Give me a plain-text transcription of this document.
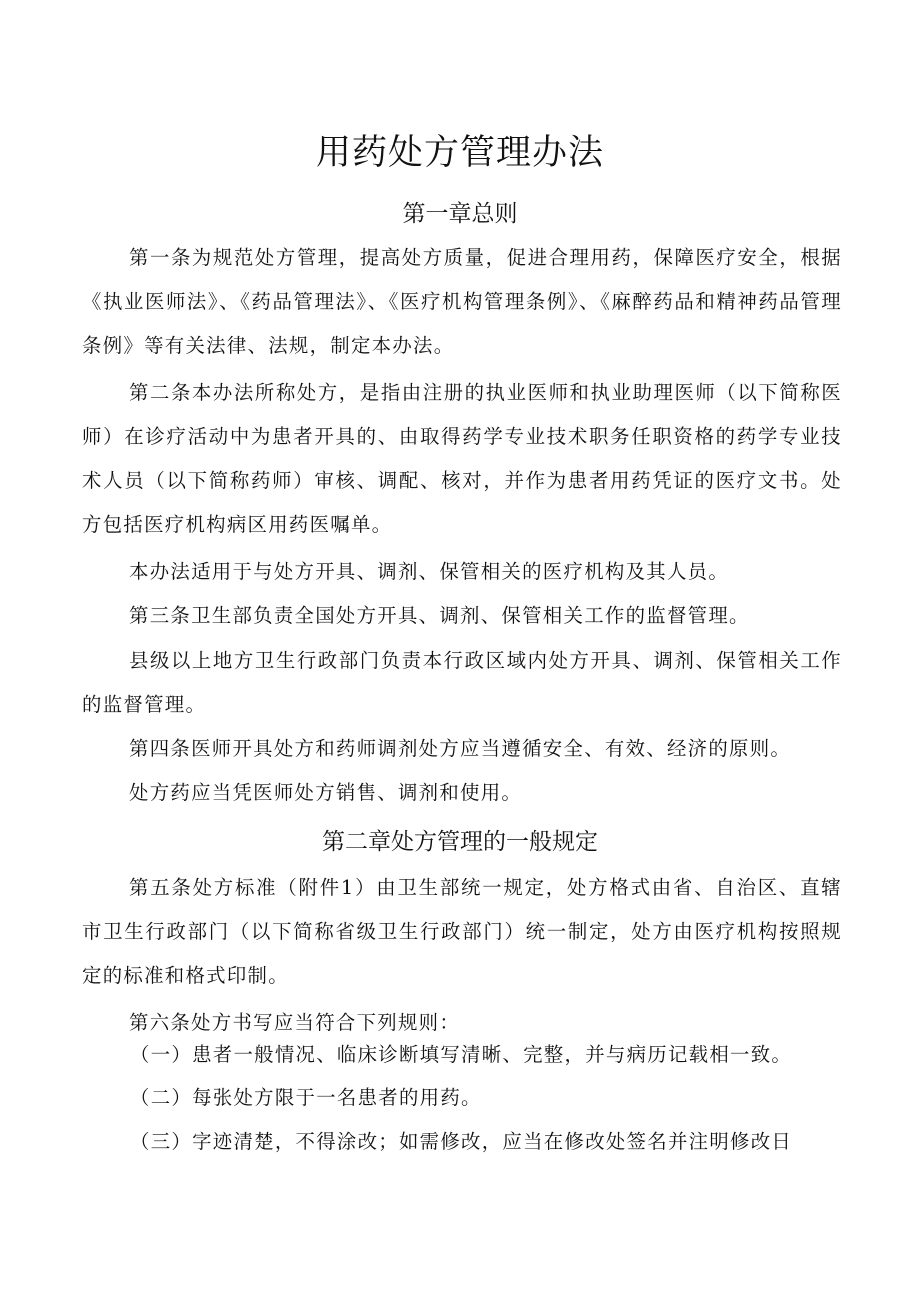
用药处方管理办法
第一章总则

第一条为规范处方管理，提高处方质量，促进合理用药，保障医疗安全，根据《执业医师法》、《药品管理法》、《医疗机构管理条例》、《麻醉药品和精神药品管理条例》等有关法律、法规，制定本办法。

第二条本办法所称处方，是指由注册的执业医师和执业助理医师（以下简称医师）在诊疗活动中为患者开具的、由取得药学专业技术职务任职资格的药学专业技术人员（以下简称药师）审核、调配、核对，并作为患者用药凭证的医疗文书。处方包括医疗机构病区用药医嘱单。

本办法适用于与处方开具、调剂、保管相关的医疗机构及其人员。

第三条卫生部负责全国处方开具、调剂、保管相关工作的监督管理。

县级以上地方卫生行政部门负责本行政区域内处方开具、调剂、保管相关工作的监督管理。

第四条医师开具处方和药师调剂处方应当遵循安全、有效、经济的原则。

处方药应当凭医师处方销售、调剂和使用。

第二章处方管理的一般规定

第五条处方标准（附件1）由卫生部统一规定，处方格式由省、自治区、直辖市卫生行政部门（以下简称省级卫生行政部门）统一制定，处方由医疗机构按照规定的标准和格式印制。

第六条处方书写应当符合下列规则：

（一）患者一般情况、临床诊断填写清晰、完整，并与病历记载相一致。

（二）每张处方限于一名患者的用药。

（三）字迹清楚，不得涂改；如需修改，应当在修改处签名并注明修改日
